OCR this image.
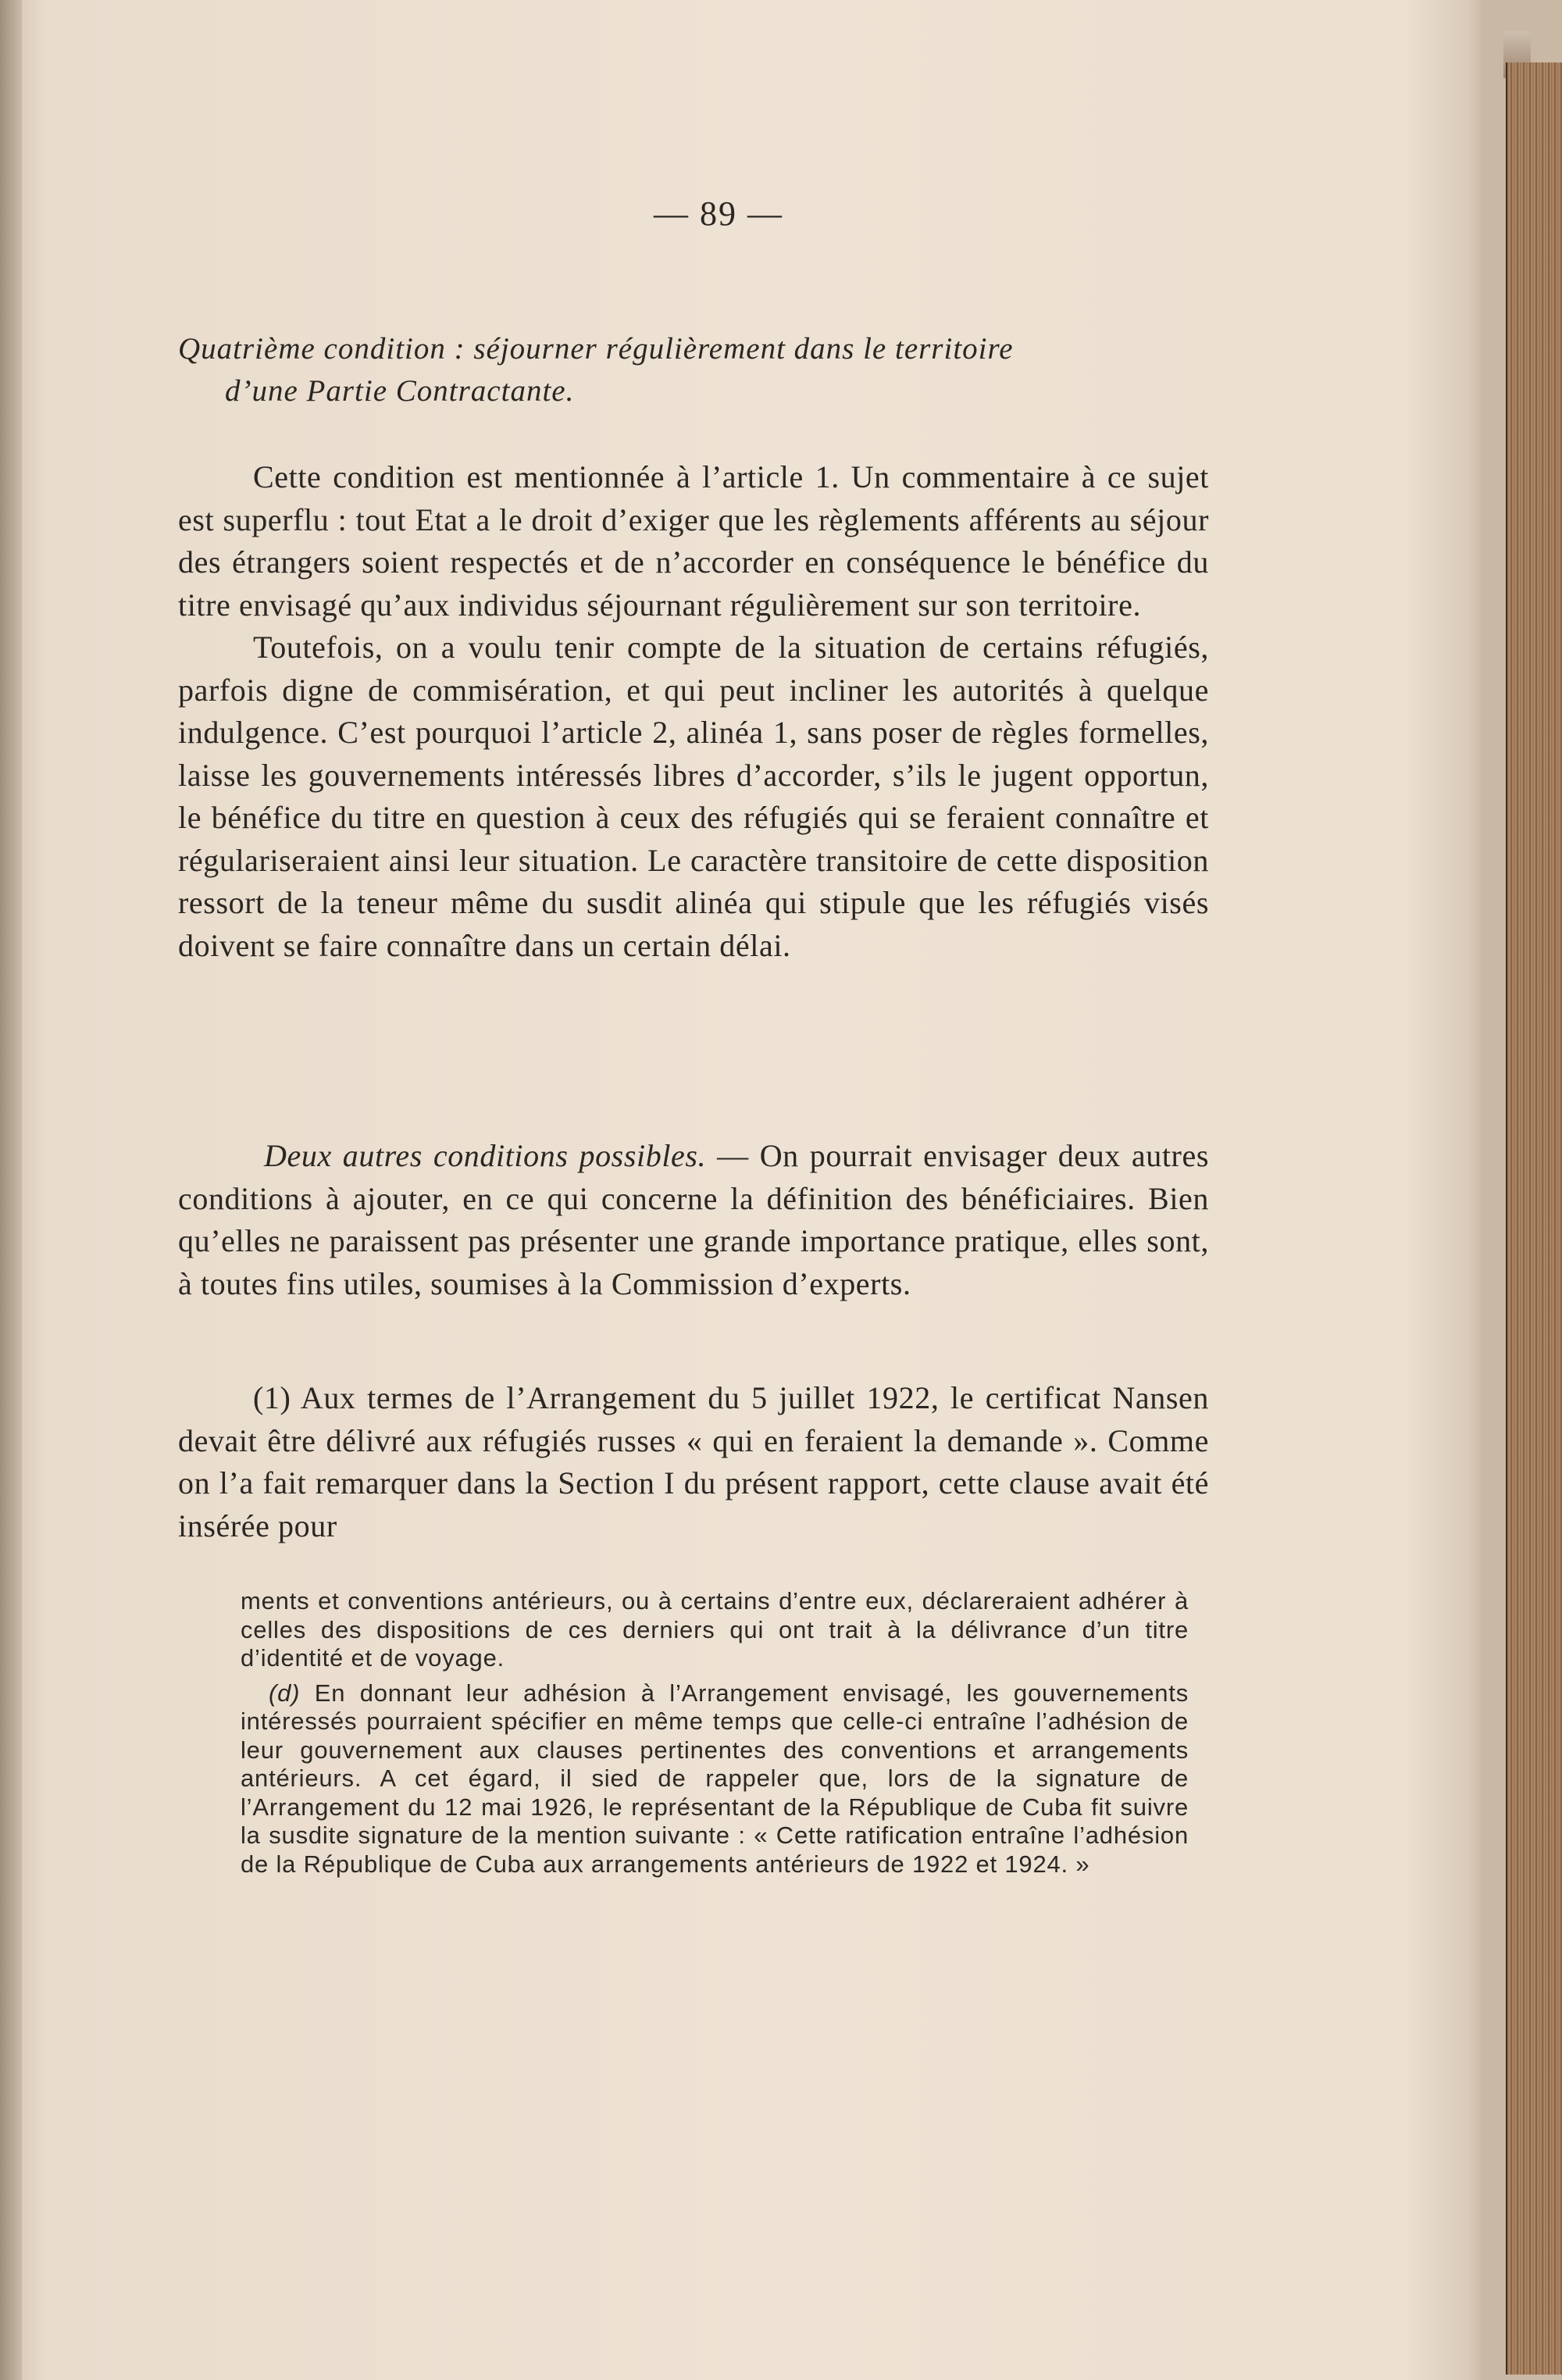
— 89 —
Quatrième condition : séjourner régulièrement dans le territoire
d’une Partie Contractante.

Cette condition est mentionnée à l’article 1. Un commentaire à ce sujet est superflu : tout Etat a le droit d’exiger que les règlements afférents au séjour des étrangers soient respectés et de n’accorder en conséquence le bénéfice du titre envisagé qu’aux individus séjournant régulièrement sur son territoire.

Toutefois, on a voulu tenir compte de la situation de certains réfugiés, parfois digne de commisération, et qui peut incliner les autorités à quelque indulgence. C’est pourquoi l’article 2, alinéa 1, sans poser de règles formelles, laisse les gouvernements intéressés libres d’accorder, s’ils le jugent opportun, le bénéfice du titre en question à ceux des réfugiés qui se feraient connaître et régulariseraient ainsi leur situation. Le caractère transitoire de cette disposition ressort de la teneur même du susdit alinéa qui stipule que les réfugiés visés doivent se faire connaître dans un certain délai.

Deux autres conditions possibles. — On pourrait envisager deux autres conditions à ajouter, en ce qui concerne la définition des bénéficiaires. Bien qu’elles ne paraissent pas présenter une grande importance pratique, elles sont, à toutes fins utiles, soumises à la Commission d’experts.

(1) Aux termes de l’Arrangement du 5 juillet 1922, le certificat Nansen devait être délivré aux réfugiés russes « qui en feraient la demande ». Comme on l’a fait remarquer dans la Section I du présent rapport, cette clause avait été insérée pour

ments et conventions antérieurs, ou à certains d’entre eux, déclareraient adhérer à celles des dispositions de ces derniers qui ont trait à la délivrance d’un titre d’identité et de voyage.

(d) En donnant leur adhésion à l’Arrangement envisagé, les gouvernements intéressés pourraient spécifier en même temps que celle-ci entraîne l’adhésion de leur gouvernement aux clauses pertinentes des conventions et arrangements antérieurs. A cet égard, il sied de rappeler que, lors de la signature de l’Arrangement du 12 mai 1926, le représentant de la République de Cuba fit suivre la susdite signature de la mention suivante : « Cette ratification entraîne l’adhésion de la République de Cuba aux arrangements antérieurs de 1922 et 1924. »
